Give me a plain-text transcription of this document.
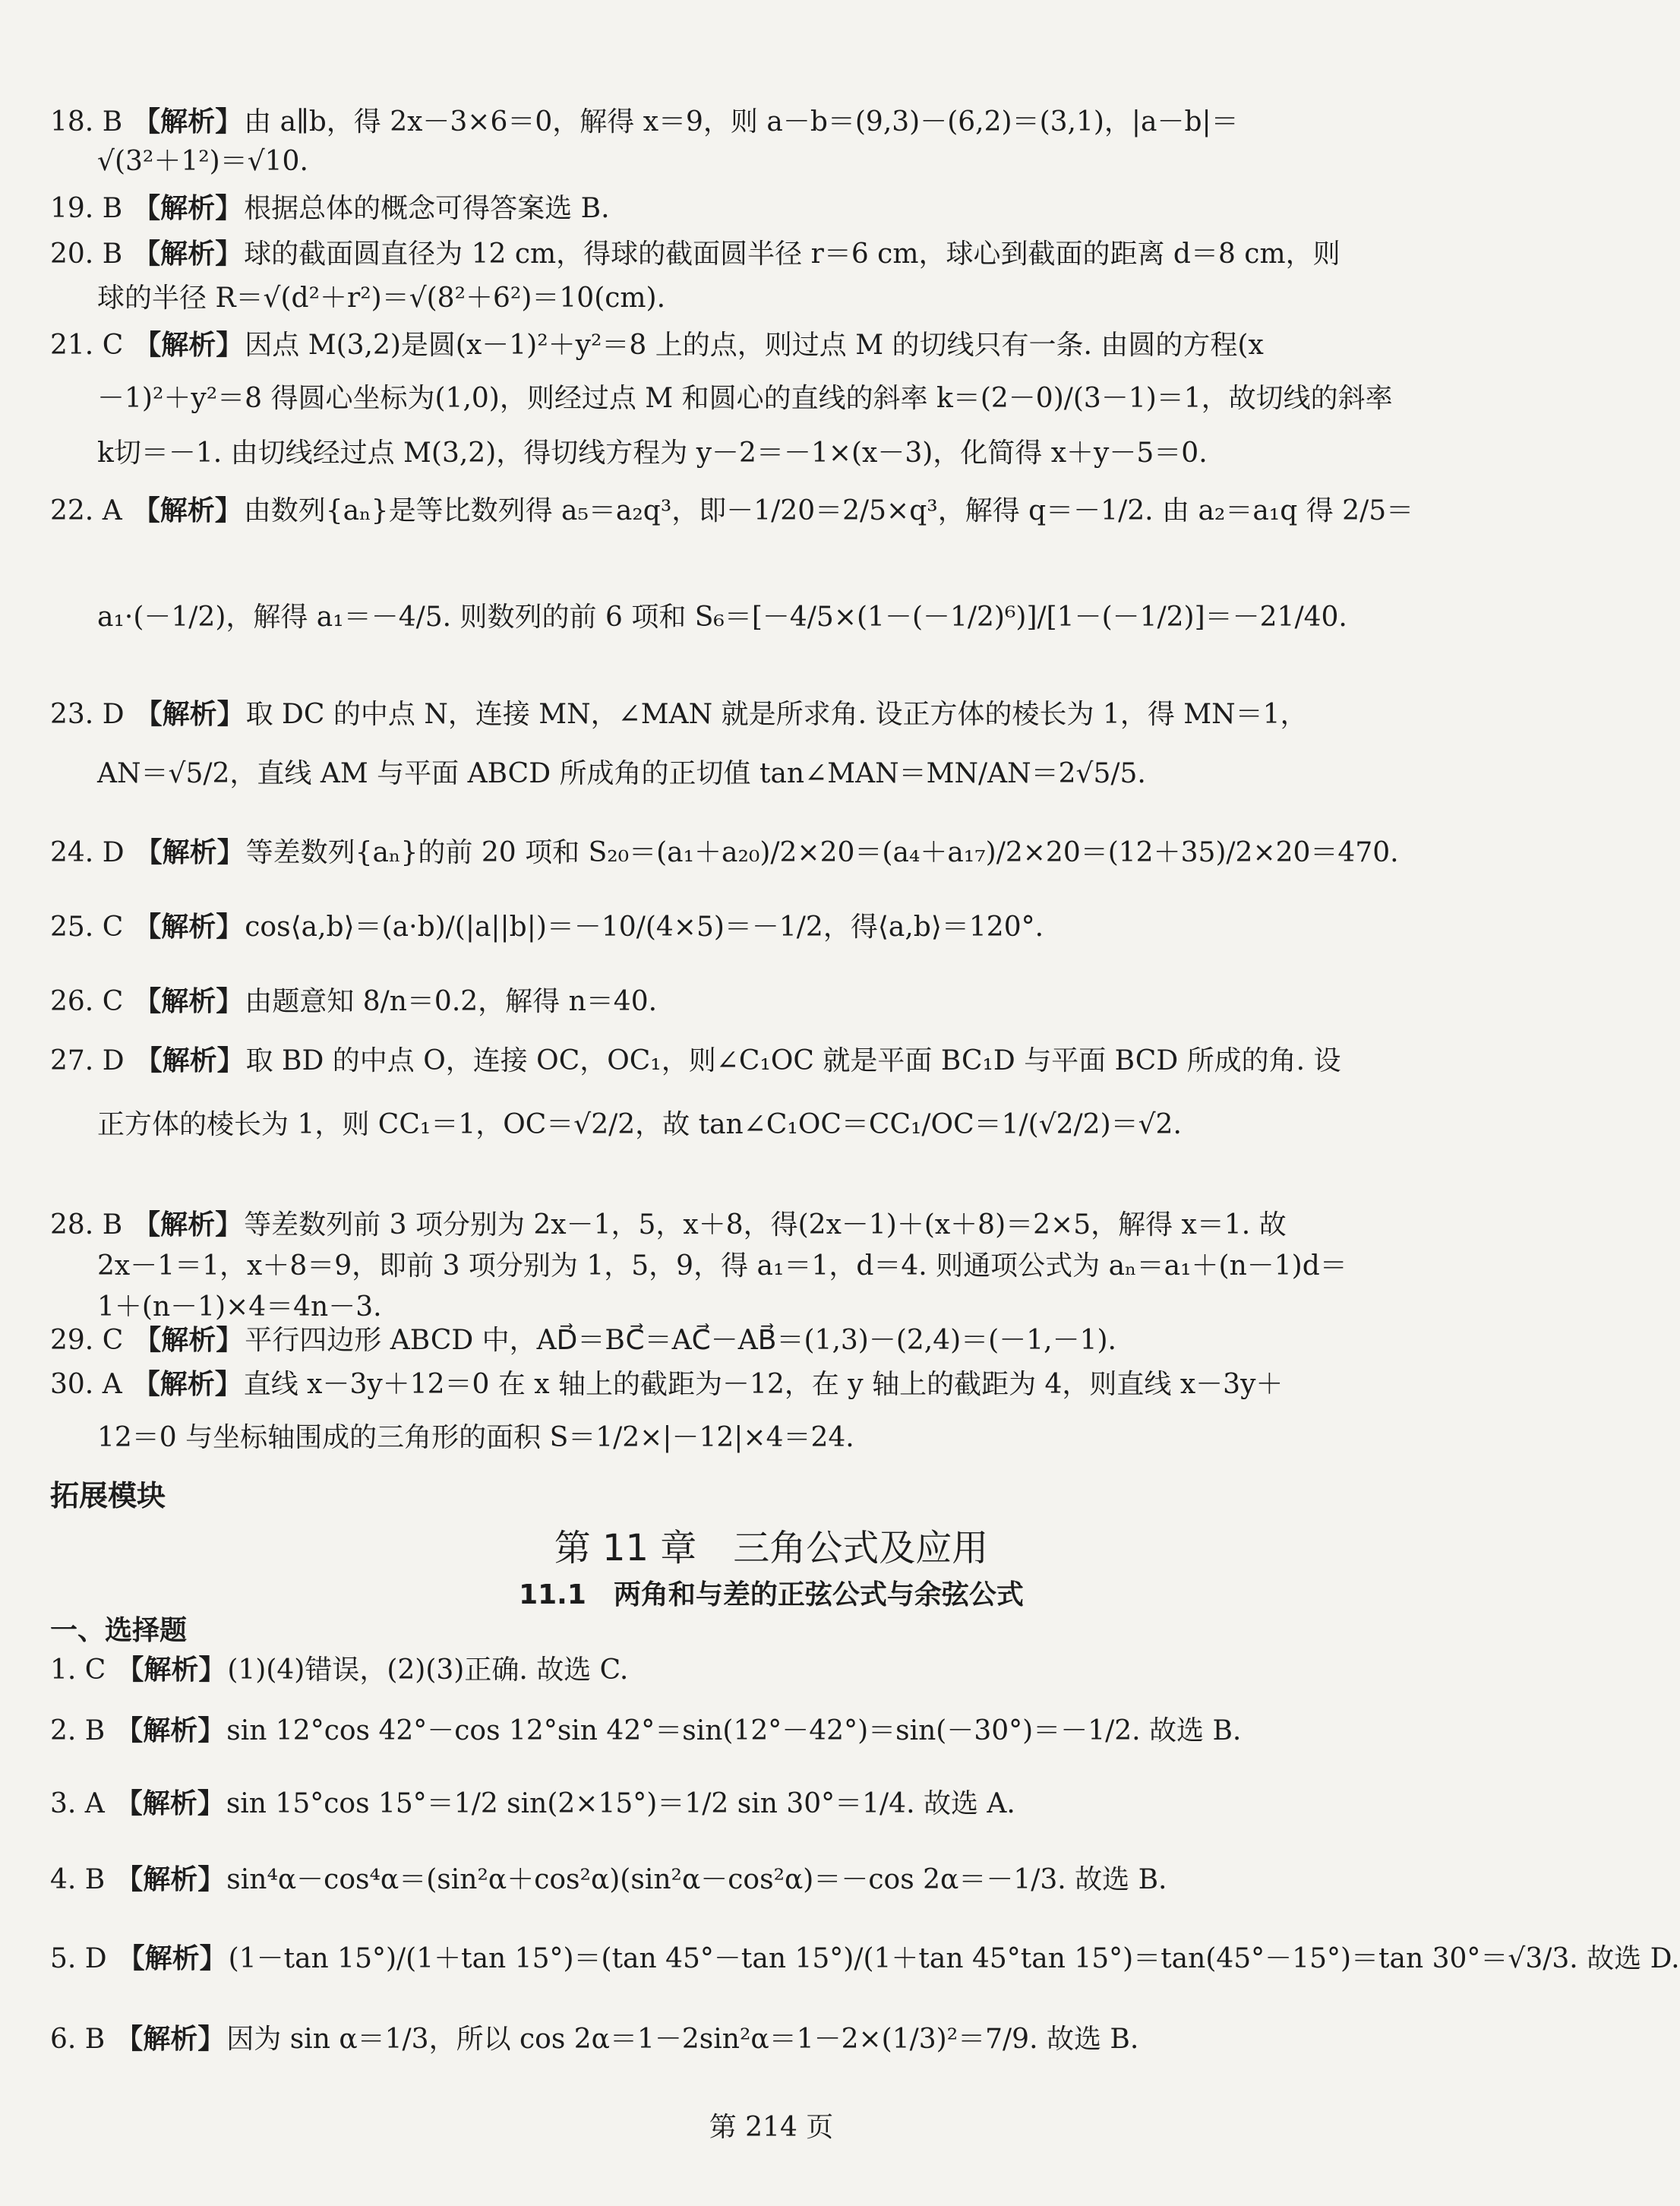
18. B 【解析】由 a∥b，得 2x－3×6＝0，解得 x＝9，则 a－b＝(9,3)－(6,2)＝(3,1)，|a－b|＝
√(3²＋1²)＝√10.
19. B 【解析】根据总体的概念可得答案选 B.
20. B 【解析】球的截面圆直径为 12 cm，得球的截面圆半径 r＝6 cm，球心到截面的距离 d＝8 cm，则
球的半径 R＝√(d²＋r²)＝√(8²＋6²)＝10(cm).
21. C 【解析】因点 M(3,2)是圆(x－1)²＋y²＝8 上的点，则过点 M 的切线只有一条. 由圆的方程(x
－1)²＋y²＝8 得圆心坐标为(1,0)，则经过点 M 和圆心的直线的斜率 k＝(2－0)/(3－1)＝1，故切线的斜率
k切＝－1. 由切线经过点 M(3,2)，得切线方程为 y－2＝－1×(x－3)，化简得 x＋y－5＝0.
22. A 【解析】由数列{aₙ}是等比数列得 a₅＝a₂q³，即－1/20＝2/5×q³，解得 q＝－1/2. 由 a₂＝a₁q 得 2/5＝
a₁·(－1/2)，解得 a₁＝－4/5. 则数列的前 6 项和 S₆＝[－4/5×(1－(－1/2)⁶)]/[1－(－1/2)]＝－21/40.
23. D 【解析】取 DC 的中点 N，连接 MN，∠MAN 就是所求角. 设正方体的棱长为 1，得 MN＝1，
AN＝√5/2，直线 AM 与平面 ABCD 所成角的正切值 tan∠MAN＝MN/AN＝2√5/5.
24. D 【解析】等差数列{aₙ}的前 20 项和 S₂₀＝(a₁＋a₂₀)/2×20＝(a₄＋a₁₇)/2×20＝(12＋35)/2×20＝470.
25. C 【解析】cos⟨a,b⟩＝(a·b)/(|a||b|)＝－10/(4×5)＝－1/2，得⟨a,b⟩＝120°.
26. C 【解析】由题意知 8/n＝0.2，解得 n＝40.
27. D 【解析】取 BD 的中点 O，连接 OC，OC₁，则∠C₁OC 就是平面 BC₁D 与平面 BCD 所成的角. 设
正方体的棱长为 1，则 CC₁＝1，OC＝√2/2，故 tan∠C₁OC＝CC₁/OC＝1/(√2/2)＝√2.
28. B 【解析】等差数列前 3 项分别为 2x－1，5，x＋8，得(2x－1)＋(x＋8)＝2×5，解得 x＝1. 故
2x－1＝1，x＋8＝9，即前 3 项分别为 1，5，9，得 a₁＝1，d＝4. 则通项公式为 aₙ＝a₁＋(n－1)d＝
1＋(n－1)×4＝4n－3.
29. C 【解析】平行四边形 ABCD 中，AD⃗＝BC⃗＝AC⃗－AB⃗＝(1,3)－(2,4)＝(－1,－1).
30. A 【解析】直线 x－3y＋12＝0 在 x 轴上的截距为－12，在 y 轴上的截距为 4，则直线 x－3y＋
12＝0 与坐标轴围成的三角形的面积 S＝1/2×|－12|×4＝24.
拓展模块
第 11 章　三角公式及应用
11.1　两角和与差的正弦公式与余弦公式
一、选择题
1. C 【解析】(1)(4)错误，(2)(3)正确. 故选 C.
2. B 【解析】sin 12°cos 42°－cos 12°sin 42°＝sin(12°－42°)＝sin(－30°)＝－1/2. 故选 B.
3. A 【解析】sin 15°cos 15°＝1/2 sin(2×15°)＝1/2 sin 30°＝1/4. 故选 A.
4. B 【解析】sin⁴α－cos⁴α＝(sin²α＋cos²α)(sin²α－cos²α)＝－cos 2α＝－1/3. 故选 B.
5. D 【解析】(1－tan 15°)/(1＋tan 15°)＝(tan 45°－tan 15°)/(1＋tan 45°tan 15°)＝tan(45°－15°)＝tan 30°＝√3/3. 故选 D.
6. B 【解析】因为 sin α＝1/3，所以 cos 2α＝1－2sin²α＝1－2×(1/3)²＝7/9. 故选 B.
第 214 页
